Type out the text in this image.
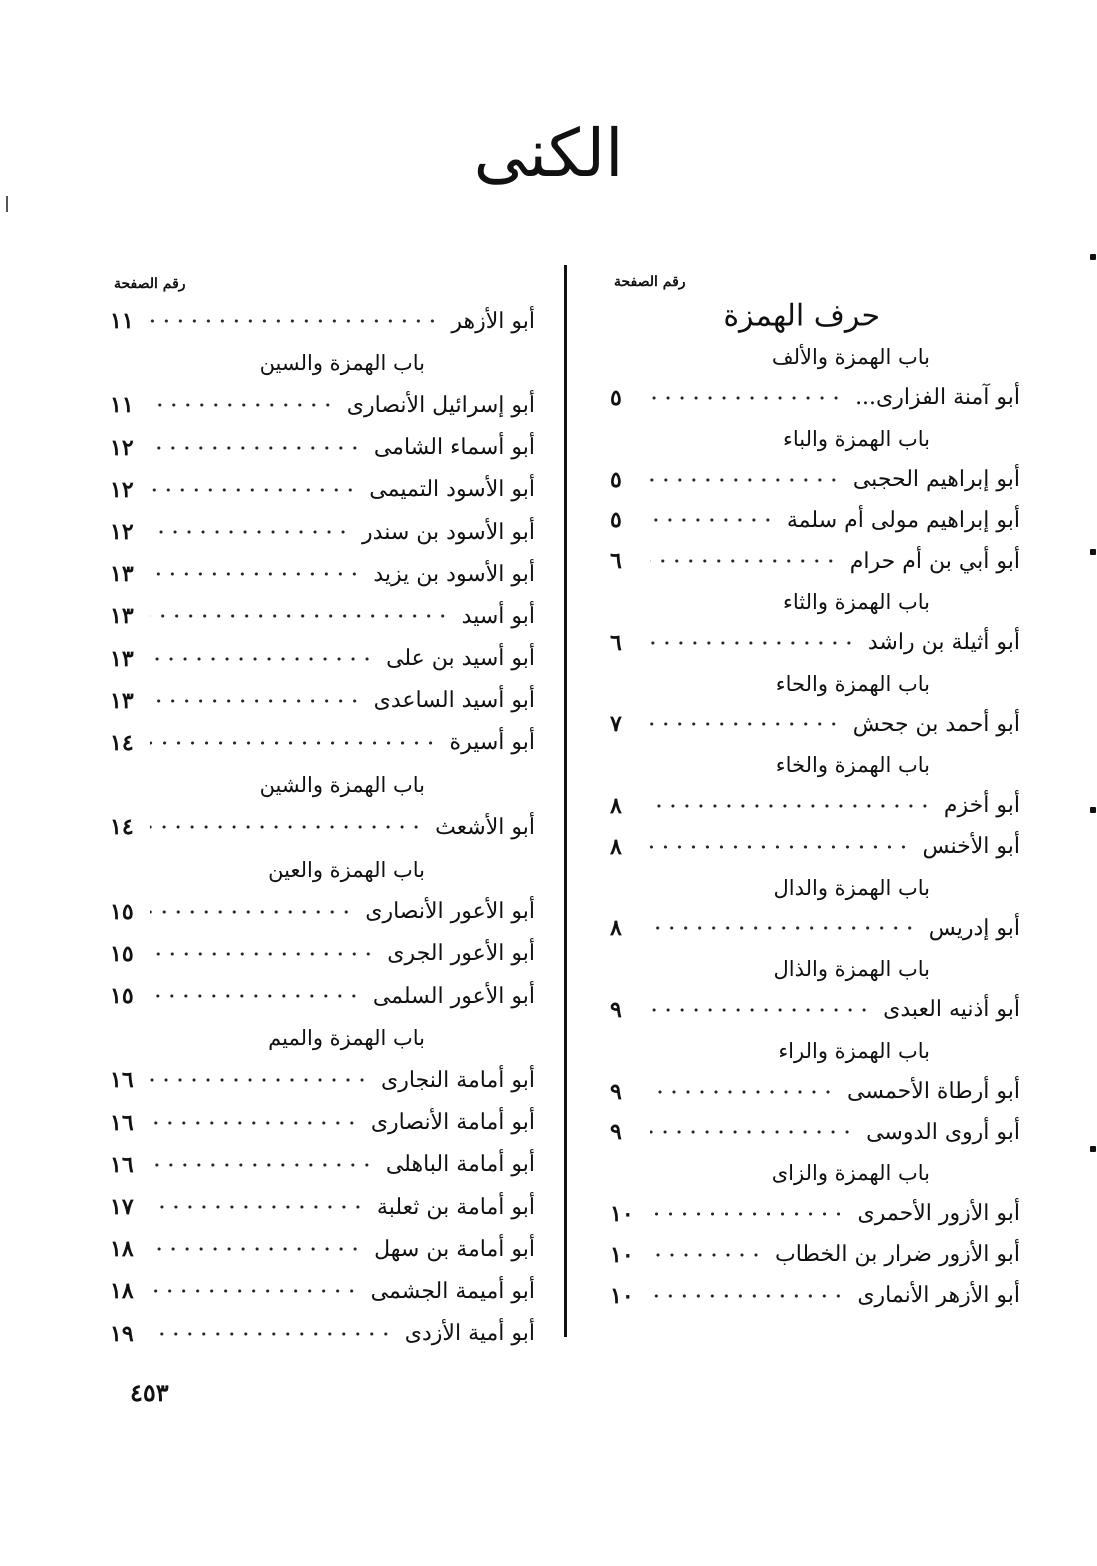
الكنى
رقم الصفحة
حرف الهمزة
باب الهمزة والألف
أبو آمنة الفزارى...
٥
باب الهمزة والباء
أبو إبراهيم الحجبى
٥
أبو إبراهيم مولى أم سلمة
٥
أبو أبي بن أم حرام
٦
باب الهمزة والثاء
أبو أثيلة بن راشد
٦
باب الهمزة والحاء
أبو أحمد بن جحش
٧
باب الهمزة والخاء
أبو أخزم
٨
أبو الأخنس
٨
باب الهمزة والدال
أبو إدريس
٨
باب الهمزة والذال
أبو أذنيه العبدى
٩
باب الهمزة والراء
أبو أرطاة الأحمسى
٩
أبو أروى الدوسى
٩
باب الهمزة والزاى
أبو الأزور الأحمرى
١٠
أبو الأزور ضرار بن الخطاب
١٠
أبو الأزهر الأنمارى
١٠
رقم الصفحة
أبو الأزهر
١١
باب الهمزة والسين
أبو إسرائيل الأنصارى
١١
أبو أسماء الشامى
١٢
أبو الأسود التميمى
١٢
أبو الأسود بن سندر
١٢
أبو الأسود بن يزيد
١٣
أبو أسيد
١٣
أبو أسيد بن على
١٣
أبو أسيد الساعدى
١٣
أبو أسيرة
١٤
باب الهمزة والشين
أبو الأشعث
١٤
باب الهمزة والعين
أبو الأعور الأنصارى
١٥
أبو الأعور الجرى
١٥
أبو الأعور السلمى
١٥
باب الهمزة والميم
أبو أمامة النجارى
١٦
أبو أمامة الأنصارى
١٦
أبو أمامة الباهلى
١٦
أبو أمامة بن ثعلبة
١٧
أبو أمامة بن سهل
١٨
أبو أميمة الجشمى
١٨
أبو أمية الأزدى
١٩
٤٥٣
